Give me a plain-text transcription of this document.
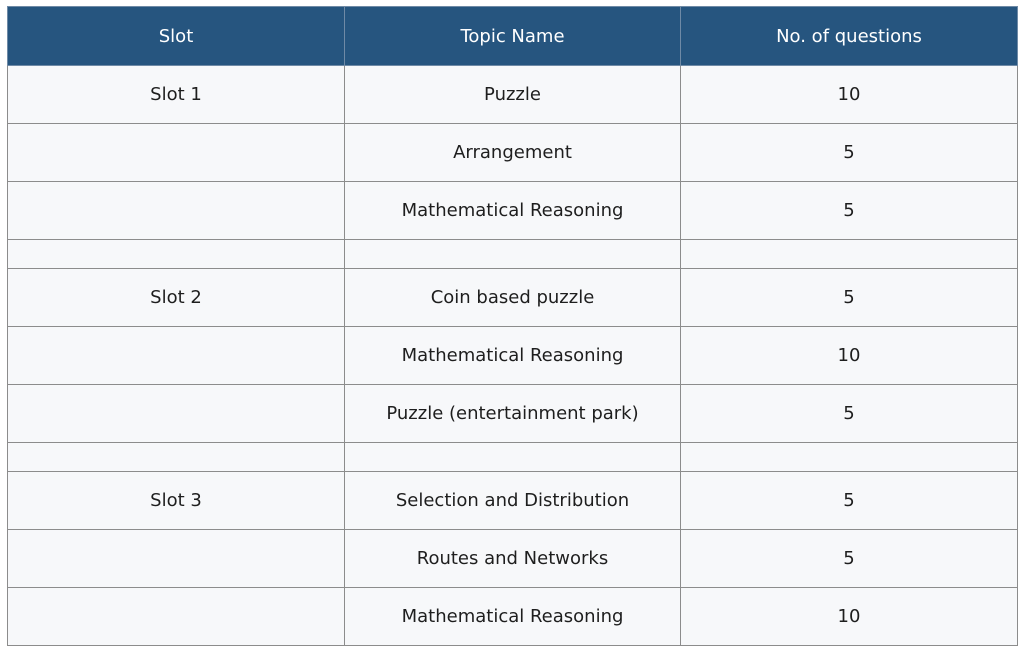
Slot	Topic Name	No. of questions
Slot 1	Puzzle	10
	Arrangement	5
	Mathematical Reasoning	5

Slot 2	Coin based puzzle	5
	Mathematical Reasoning	10
	Puzzle (entertainment park)	5

Slot 3	Selection and Distribution	5
	Routes and Networks	5
	Mathematical Reasoning	10
